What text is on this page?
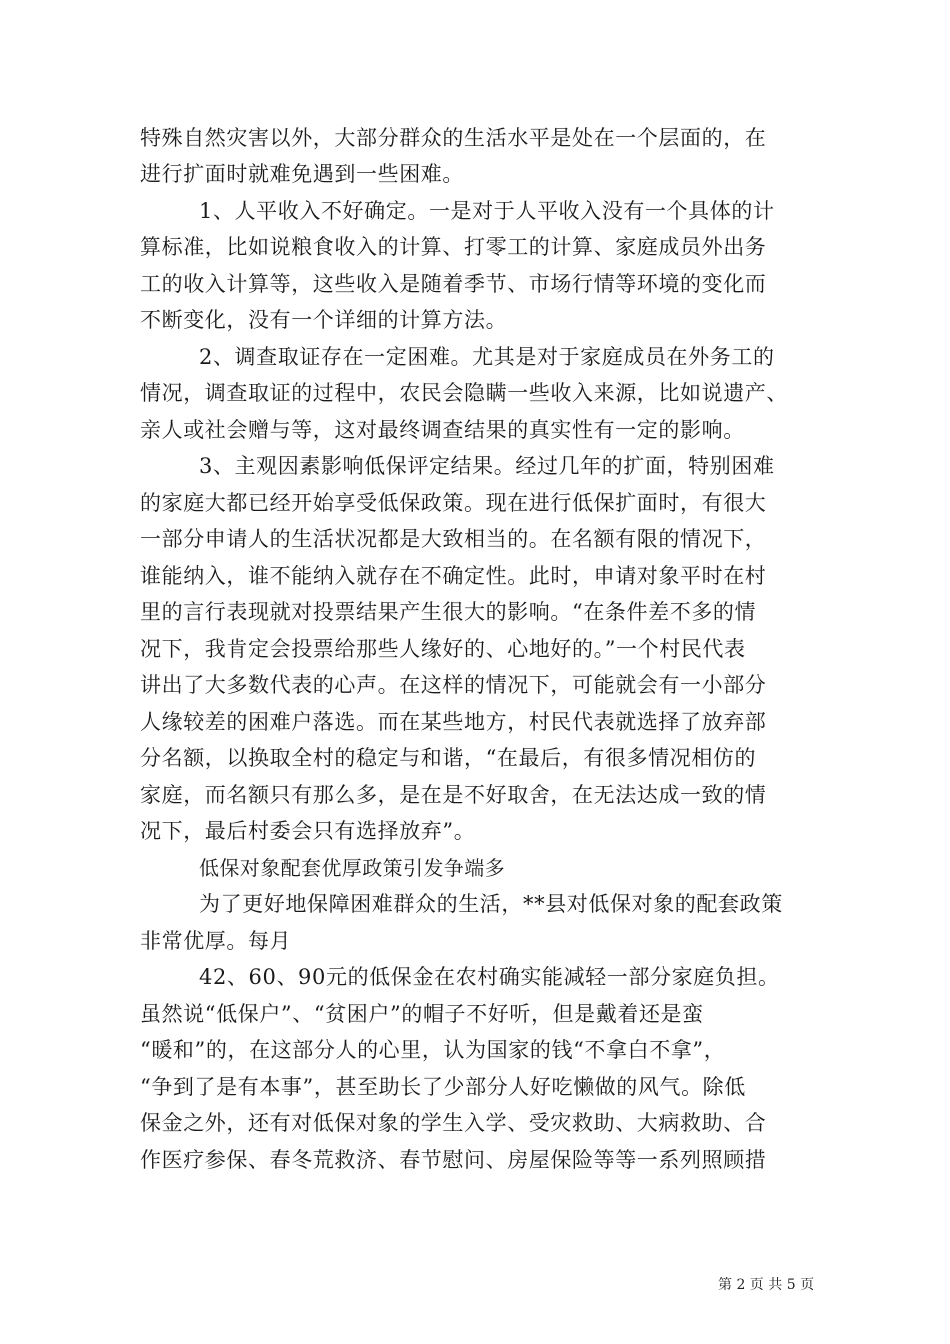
特殊自然灾害以外，大部分群众的生活水平是处在一个层面的，在
进行扩面时就难免遇到一些困难。
1、人平收入不好确定。一是对于人平收入没有一个具体的计
算标准，比如说粮食收入的计算、打零工的计算、家庭成员外出务
工的收入计算等，这些收入是随着季节、市场行情等环境的变化而
不断变化，没有一个详细的计算方法。
2、调查取证存在一定困难。尤其是对于家庭成员在外务工的
情况，调查取证的过程中，农民会隐瞒一些收入来源，比如说遗产、
亲人或社会赠与等，这对最终调查结果的真实性有一定的影响。
3、主观因素影响低保评定结果。经过几年的扩面，特别困难
的家庭大都已经开始享受低保政策。现在进行低保扩面时，有很大
一部分申请人的生活状况都是大致相当的。在名额有限的情况下，
谁能纳入，谁不能纳入就存在不确定性。此时，申请对象平时在村
里的言行表现就对投票结果产生很大的影响。“在条件差不多的情
况下，我肯定会投票给那些人缘好的、心地好的。”一个村民代表
讲出了大多数代表的心声。在这样的情况下，可能就会有一小部分
人缘较差的困难户落选。而在某些地方，村民代表就选择了放弃部
分名额，以换取全村的稳定与和谐，“在最后，有很多情况相仿的
家庭，而名额只有那么多，是在是不好取舍，在无法达成一致的情
况下，最后村委会只有选择放弃”。
低保对象配套优厚政策引发争端多
为了更好地保障困难群众的生活，**县对低保对象的配套政策
非常优厚。每月
42、60、90元的低保金在农村确实能减轻一部分家庭负担。
虽然说“低保户”、“贫困户”的帽子不好听，但是戴着还是蛮
“暖和”的，在这部分人的心里，认为国家的钱“不拿白不拿”，
“争到了是有本事”，甚至助长了少部分人好吃懒做的风气。除低
保金之外，还有对低保对象的学生入学、受灾救助、大病救助、合
作医疗参保、春冬荒救济、春节慰问、房屋保险等等一系列照顾措
第 2 页 共 5 页
